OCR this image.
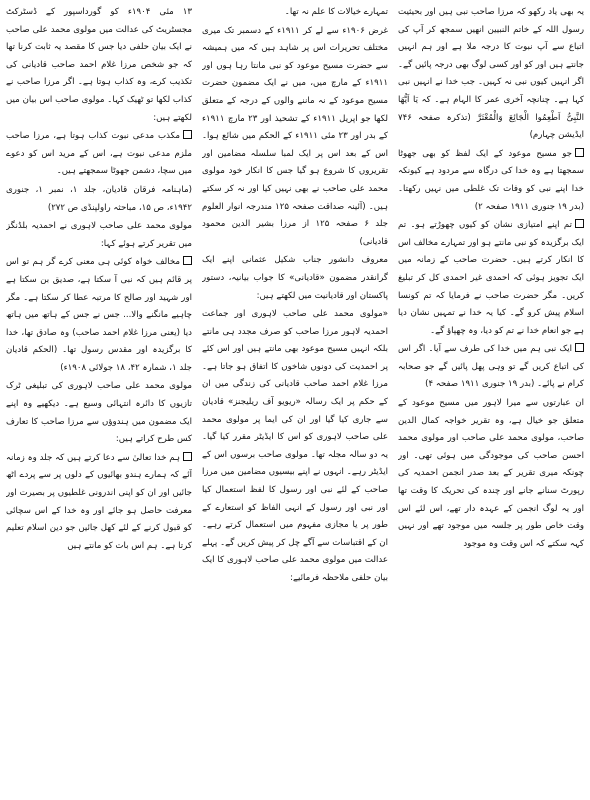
یہ بھی یاد رکھو کہ مرزا صاحب نبی ہیں اور بحیثیت رسول اللہ کے خاتم النبیین انھیں سمجھ کر آپ کی اتباع سے آپ نبوت کا درجہ ملا ہے اور ہم انہیں جانتے ہیں اور کو اور کسی لوگ بھی درجہ پائیں گے۔ اگر انہیں کیوں نبی نہ کہیں۔ جب خدا نے انہیں نبی کہا ہے۔ چنانچہ آخری عمر کا الہام ہے۔ کہ یَا اَیُّھَا النَّبِیُّ اَطْعِمُوا الْجَائِعَ وَالْمُعْتَرَّ (تذکرہ صفحہ ۷۴۶ ایڈیشن چہارم)

جو مسیح موعود کے ایک لفظ کو بھی جھوٹا سمجھتا ہے وہ خدا کی درگاہ سے مردود ہے کیونکہ خدا اپنے نبی کو وفات تک غلطی میں نہیں رکھتا۔ (بدر ۱۹ جنوری ۱۹۱۱ صفحہ ۲)

تم اپنے امتیازی نشان کو کیوں چھوڑتے ہو۔ تم ایک برگزیدہ کو نبی مانتے ہو اور تمہارے مخالف اس کا انکار کرتے ہیں۔ حضرت صاحب کے زمانہ میں ایک تجویز ہوئی کہ احمدی غیر احمدی کل کر تبلیغ کریں۔ مگر حضرت صاحب نے فرمایا کہ تم کونسا اسلام پیش کرو گے۔ کیا یہ خدا نے تمہیں نشان دیا ہے جو انعام خدا نے تم کو دیا، وہ چھپاؤ گے۔

ایک نبی ہم میں خدا کی طرف سے آیا۔ اگر اس کی اتباع کریں گے تو وہی پھل پائیں گے جو صحابہ کرام نے پائے۔ (بدر ۱۹ جنوری ۱۹۱۱ صفحہ ۴)

ان عبارتوں سے میرا لاہور میں مسیح موعود کے متعلق جو خیال ہے، وہ تقریر خواجہ کمال الدین صاحب، مولوی محمد علی صاحب اور مولوی محمد احسن صاحب کی موجودگی میں ہوئی تھی۔ اور چونکہ میری تقریر کے بعد صدر انجمن احمدیہ کی رپورٹ سنانے جانے اور چندہ کی تحریک کا وقت تھا اور یہ لوگ انجمن کے عہدہ دار تھے، اس لئے اس وقت خاص طور پر جلسہ میں موجود تھے اور نہیں کہہ سکتے کہ اس وقت وہ موجود

تمہارے خیالات کا علم نہ تھا۔

غرض ۱۹۰۶ء سے لے کر ۱۹۱۱ء کے دسمبر تک میری مختلف تحریرات اس پر شاہد ہیں کہ میں ہمیشہ سے حضرت مسیح موعود کو نبی مانتا رہا ہوں اور ۱۹۱۱ء کے مارچ میں، میں نے ایک مضمون حضرت مسیح موعود کے نہ ماننے والوں کے درجہ کے متعلق لکھا جو اپریل ۱۹۱۱ء کے تشحیذ اور ۲۳ مارچ ۱۹۱۱ء کے بدر اور ۲۳ مئی ۱۹۱۱ء کے الحکم میں شائع ہوا۔ اس کے بعد اس پر ایک لمبا سلسلہ مضامین اور تقریروں کا شروع ہو گیا جس کا انکار خود مولوی محمد علی صاحب نے بھی نہیں کیا اور نہ کر سکتے ہیں۔ (آئینہ صداقت صفحہ ۱۲۵ مندرجہ انوار العلوم جلد ۶ صفحہ ۱۲۵ از مرزا بشیر الدین محمود قادیانی)

معروف دانشور جناب شکیل عثمانی اپنے ایک گرانقدر مضمون «قادیانی» کا جواب بیانیہ، دستور پاکستان اور قادیانیت میں لکھتے ہیں:

«مولوی محمد علی صاحب لاہوری اور جماعت احمدیہ لاہور مرزا صاحب کو صرف مجدد ہی مانتے بلکہ انہیں مسیح موعود بھی مانتے ہیں اور اس کئے پر احمدیت کی دونوں شاخوں کا اتفاق ہو جاتا ہے۔ مرزا غلام احمد صاحب قادیانی کی زندگی میں ان کے حکم پر ایک رسالہ «ریویو آف ریلیجنز» قادیان سے جاری کیا گیا اور ان کی ایما پر مولوی محمد علی صاحب لاہوری کو اس کا ایڈیٹر مقرر کیا گیا۔ یہ دو سالہ مجلہ تھا۔ مولوی صاحب برسوں اس کے ایڈیٹر رہے۔ انہوں نے اپنے بیسیوں مضامین میں مرزا صاحب کے لئے نبی اور رسول کا لفظ استعمال کیا اور نبی اور رسول کے انہی الفاظ کو استعارے کے طور پر یا مجازی مفہوم میں استعمال کرتے رہے۔ ان کے اقتباسات سے آگے چل کر پیش کریں گے۔ پہلے عدالت میں مولوی محمد علی صاحب لاہوری کا ایک بیان حلفی ملاحظہ فرمائیے:

۱۳ مئی ۱۹۰۴ء کو گورداسپور کے ڈسٹرکٹ مجسٹریٹ کی عدالت میں مولوی محمد علی صاحب نے ایک بیان حلفی دیا جس کا مقصد یہ ثابت کرنا تھا کہ جو شخص مرزا غلام احمد صاحب قادیانی کی تکذیب کرے، وہ کذاب ہوتا ہے۔ اگر مرزا صاحب نے کذاب لکھا تو ٹھیک کہا۔ مولوی صاحب اس بیان میں لکھتے ہیں:

مکذب مدعی نبوت کذاب ہوتا ہے، مرزا صاحب ملزم مدعی نبوت ہے، اس کے مرید اس کو دعوے میں سچا، دشمن جھوٹا سمجھتے ہیں۔

(ماہنامہ فرقان قادیان، جلد ۱، نمبر ۱، جنوری ۱۹۴۲ء، ص ۱۵، مباحثہ راولپنڈی ص ۲۷۲)

مولوی محمد علی صاحب لاہوری نے احمدیہ بلڈنگز میں تقریر کرتے ہوئے کہا:

مخالف خواہ کوئی ہی معنی کرے گر ہم تو اس پر قائم ہیں کہ نبی آ سکتا ہے، صدیق بن سکتا ہے اور شہید اور صالح کا مرتبہ عطا کر سکتا ہے۔ مگر چاہیے مانگنے والا... جس نے جس کے ہاتھ میں ہاتھ دیا (یعنی مرزا غلام احمد صاحب) وہ صادق تھا، خدا کا برگزیدہ اور مقدس رسول تھا۔ (الحکم قادیان جلد ۱، شمارہ ۴۲، ۱۸ جولائی ۱۹۰۸ء)

مولوی محمد علی صاحب لاہوری کی تبلیغی ٹرک تازیوں کا دائرہ انتہائی وسیع ہے۔ دیکھیے وہ اپنے ایک مضمون میں ہندوؤں سے مرزا صاحب کا تعارف کس طرح کراتے ہیں:

ہم خدا تعالیٰ سے دعا کرتے ہیں کہ جلد وہ زمانہ آئے کہ ہمارے ہندو بھائیوں کے دلوں پر سے پردے اٹھ جائیں اور ان کو اپنی اندرونی غلطیوں پر بصیرت اور معرفت حاصل ہو جائے اور وہ خدا کے اس سچائی کو قبول کرنے کے لئے کھل جائیں جو دین اسلام تعلیم کرتا ہے۔ ہم اس بات کو مانتے ہیں
